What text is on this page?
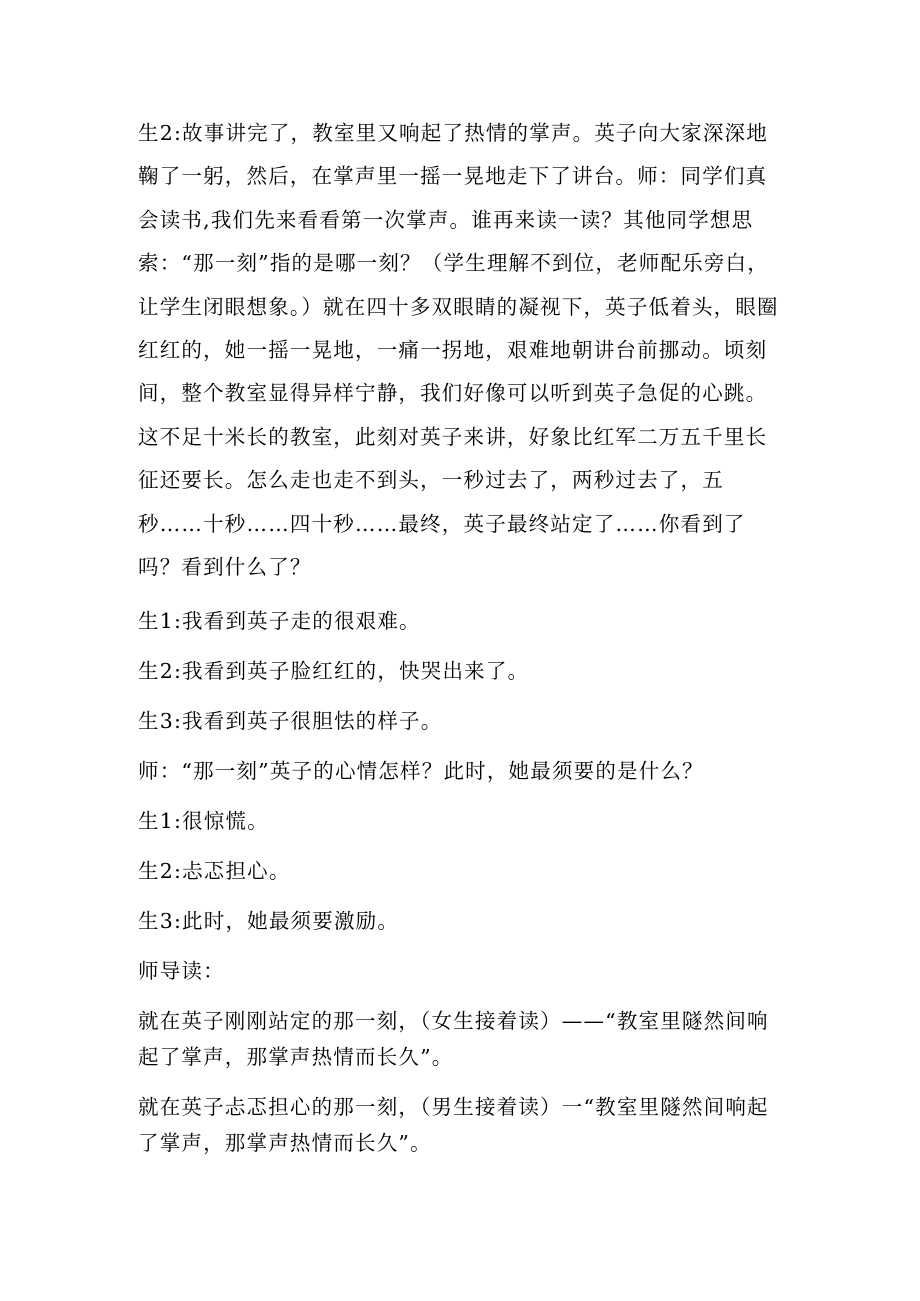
生2:故事讲完了，教室里又响起了热情的掌声。英子向大家深深地鞠了一躬，然后，在掌声里一摇一晃地走下了讲台。师：同学们真会读书,我们先来看看第一次掌声。谁再来读一读？其他同学想思索：“那一刻”指的是哪一刻？（学生理解不到位，老师配乐旁白，让学生闭眼想象。）就在四十多双眼睛的凝视下，英子低着头，眼圈红红的，她一摇一晃地，一痛一拐地，艰难地朝讲台前挪动。顷刻间，整个教室显得异样宁静，我们好像可以听到英子急促的心跳。这不足十米长的教室，此刻对英子来讲，好象比红军二万五千里长征还要长。怎么走也走不到头，一秒过去了，两秒过去了，五秒……十秒……四十秒……最终，英子最终站定了……你看到了吗？看到什么了？

生1:我看到英子走的很艰难。

生2:我看到英子脸红红的，快哭出来了。

生3:我看到英子很胆怯的样子。

师：“那一刻”英子的心情怎样？此时，她最须要的是什么？

生1:很惊慌。

生2:忐忑担心。

生3:此时，她最须要激励。

师导读：

就在英子刚刚站定的那一刻，（女生接着读）——“教室里隧然间响起了掌声，那掌声热情而长久”。

就在英子忐忑担心的那一刻，（男生接着读）一“教室里隧然间响起了掌声，那掌声热情而长久”。
